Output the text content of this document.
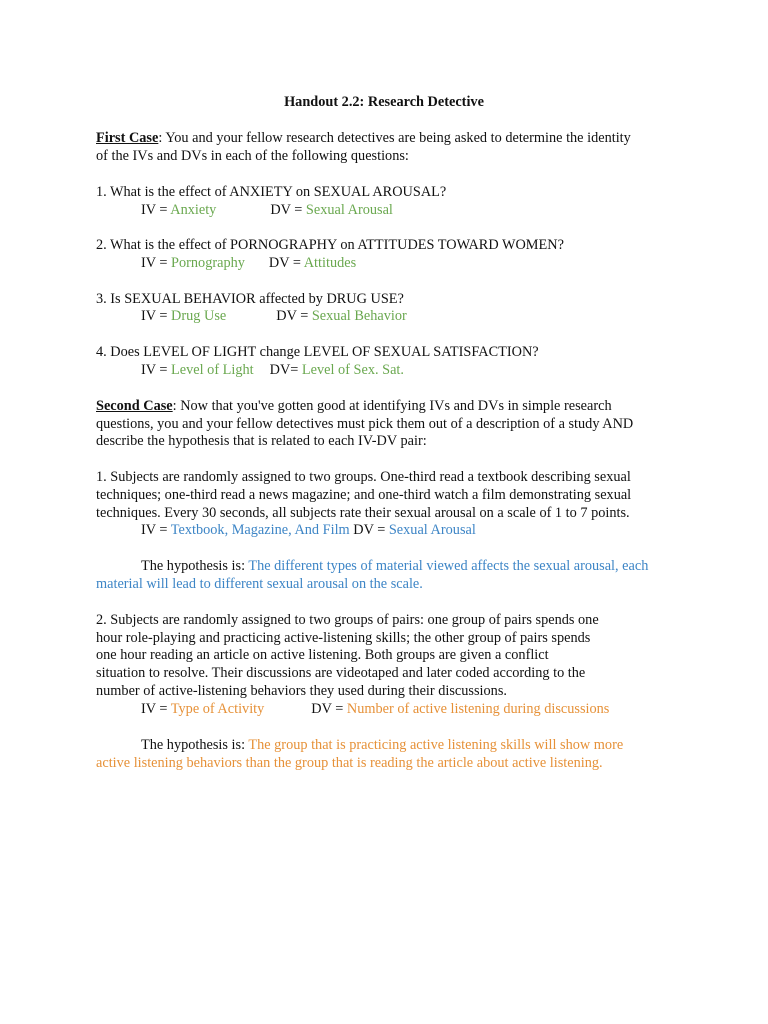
Handout 2.2: Research Detective
First Case: You and your fellow research detectives are being asked to determine the identity
of the IVs and DVs in each of the following questions:
1. What is the effect of ANXIETY on SEXUAL AROUSAL?
IV = Anxiety	DV = Sexual Arousal
2. What is the effect of PORNOGRAPHY on ATTITUDES TOWARD WOMEN?
IV = Pornography DV = Attitudes
3. Is SEXUAL BEHAVIOR affected by DRUG USE?
IV = Drug Use	DV = Sexual Behavior
4. Does LEVEL OF LIGHT change LEVEL OF SEXUAL SATISFACTION?
IV = Level of Light DV= Level of Sex. Sat.
Second Case: Now that you've gotten good at identifying IVs and DVs in simple research
questions, you and your fellow detectives must pick them out of a description of a study AND
describe the hypothesis that is related to each IV-DV pair:
1. Subjects are randomly assigned to two groups. One-third read a textbook describing sexual
techniques; one-third read a news magazine; and one-third watch a film demonstrating sexual
techniques. Every 30 seconds, all subjects rate their sexual arousal on a scale of 1 to 7 points.
IV = Textbook, Magazine, And Film DV = Sexual Arousal
The hypothesis is: The different types of material viewed affects the sexual arousal, each
material will lead to different sexual arousal on the scale.
2. Subjects are randomly assigned to two groups of pairs: one group of pairs spends one
hour role-playing and practicing active-listening skills; the other group of pairs spends
one hour reading an article on active listening. Both groups are given a conflict
situation to resolve. Their discussions are videotaped and later coded according to the
number of active-listening behaviors they used during their discussions.
IV = Type of Activity	DV = Number of active listening during discussions
The hypothesis is: The group that is practicing active listening skills will show more
active listening behaviors than the group that is reading the article about active listening.
